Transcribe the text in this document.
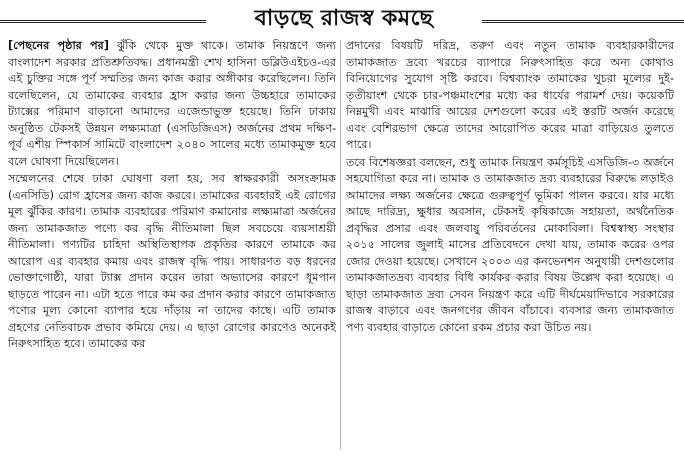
বাড়ছে রাজস্ব কমছে

[পেছনের পৃষ্ঠার পর] ঝুঁকি থেকে মুক্ত থাকে। তামাক নিয়ন্ত্রণে জন্য বাংলাদেশ সরকার প্রতিশ্রুতিবদ্ধ। প্রধানমন্ত্রী শেখ হাসিনা ডব্লিউএইচও-এর এই চুক্তির সঙ্গে পূর্ণ সম্মতির জন্য কাজ করার অঙ্গীকার করেছিলেন। তিনি বলেছিলেন, যে তামাকের ব্যবহার হ্রাস করার জন্য উচ্চহারে তামাকের ট্যাক্সের পরিমাণ বাড়ানো আমাদের এজেন্ডাভুক্ত হয়েছে। তিনি ঢাকায় অনুষ্ঠিত টেকসই উন্নয়ন লক্ষ্যমাত্রা (এসডিজিএস) অর্জনের প্রথম দক্ষিণ-পূর্ব এশীয় স্পিকার্স সামিটে বাংলাদেশ ২০৪০ সালের মধ্যে তামাকমুক্ত হবে বলে ঘোষণা দিয়েছিলেন।

সম্মেলনের শেষে ঢাকা ঘোষণা বলা হয়, সব স্বাক্ষরকারী অসংক্রামক (এনসিডি) রোগ হ্রাসের জন্য কাজ করবে। তামাকের ব্যবহারই এই রোগের মূল ঝুঁকির কারণ। তামাক ব্যবহারের পরিমাণ কমানোর লক্ষ্যমাত্রা অর্জনের জন্য তামাকজাত পণ্যে কর বৃদ্ধি নীতিমালা ছিল সবচেয়ে ব্যয়সাশ্রয়ী নীতিমালা। পণ্যটির চাহিদা অস্থিতিস্থাপক প্রকৃতির কারণে তামাকে কর আরোপ এর ব্যবহার কমায় এবং রাজস্ব বৃদ্ধি পায়। সাধারণত বড় ধরনের ভোক্তাগোষ্ঠী, যারা ট্যাক্স প্রদান করেন তারা অভ্যাসের কারণে ধূমপান ছাড়তে পারেন না। এটা হতে পারে কম কর প্রদান করার কারণে তামাকজাত পণ্যের মূল্য কোনো ব্যাপার হয়ে দাঁড়ায় না তাদের কাছে। এটি তামাক গ্রহণের নেতিবাচক প্রভাব কমিয়ে দেয়। এ ছাড়া রোগের কারণেও অনেকই নিরুৎসাহিত হবে। তামাকের কর

প্রদানের বিষয়টি দরিদ্র, তরুণ এবং নতুন তামাক ব্যবহারকারীদের তামাকজাত দ্রব্যে খরচের ব্যাপারে নিরুৎসাহিত করে অন্য কোথাও বিনিয়োগের সুযোগ সৃষ্টি করবে। বিশ্বব্যাংক তামাকের খুচরা মূল্যের দুই-তৃতীয়াংশ থেকে চার-পঞ্চমাংশের মধ্যে কর ধার্যের পরামর্শ দেয়। কয়েকটি নিম্নমুখী এবং মাঝারি আয়ের দেশগুলো করের এই স্তরটি অর্জন করেছে এবং বেশিরভাগ ক্ষেত্রে তাদের আরোপিত করের মাত্রা বাড়িয়েও তুলতে পারে।

তবে বিশেষজ্ঞরা বলছেন, শুধু তামাক নিয়ন্ত্রণ কর্মসূচিই এসডিজি-৩ অর্জনে সহযোগিতা করে না। তামাক ও তামাকজাত দ্রব্য ব্যবহারের বিরুদ্ধে লড়াইও আমাদের লক্ষ্য অর্জনের ক্ষেত্রে গুরুত্বপূর্ণ ভূমিকা পালন করবে। যার মধ্যে আছে দারিদ্র্য, ক্ষুধার অবসান, টেকসই কৃষিকাজে সহায়তা, অর্থনৈতিক প্রবৃদ্ধির প্রসার এবং জলবায়ু পরিবর্তনের মোকাবিলা। বিশ্বস্বাস্থ্য সংস্থার ২০১৫ সালের জুলাই মাসের প্রতিবেদনে দেখা যায়, তামাক করের ওপর জোর দেওয়া হয়েছে। সেখানে ২০০৩ এর কনভেনশন অনুযায়ী দেশগুলোর তামাকজাতদ্রব্য ব্যবহার বিধি কার্যকর করার বিষয় উল্লেখ করা হয়েছে। এ ছাড়া তামাকজাত দ্রব্য সেবন নিয়ন্ত্রণ করে এটি দীর্ঘমেয়াদিভাবে সরকারের রাজস্ব বাড়াবে এবং জনগণের জীবন বাঁচাবে। ব্যবসার জন্য তামাকজাত পণ্য ব্যবহার বাড়াতে কোনো রকম প্রচার করা উচিত নয়।
